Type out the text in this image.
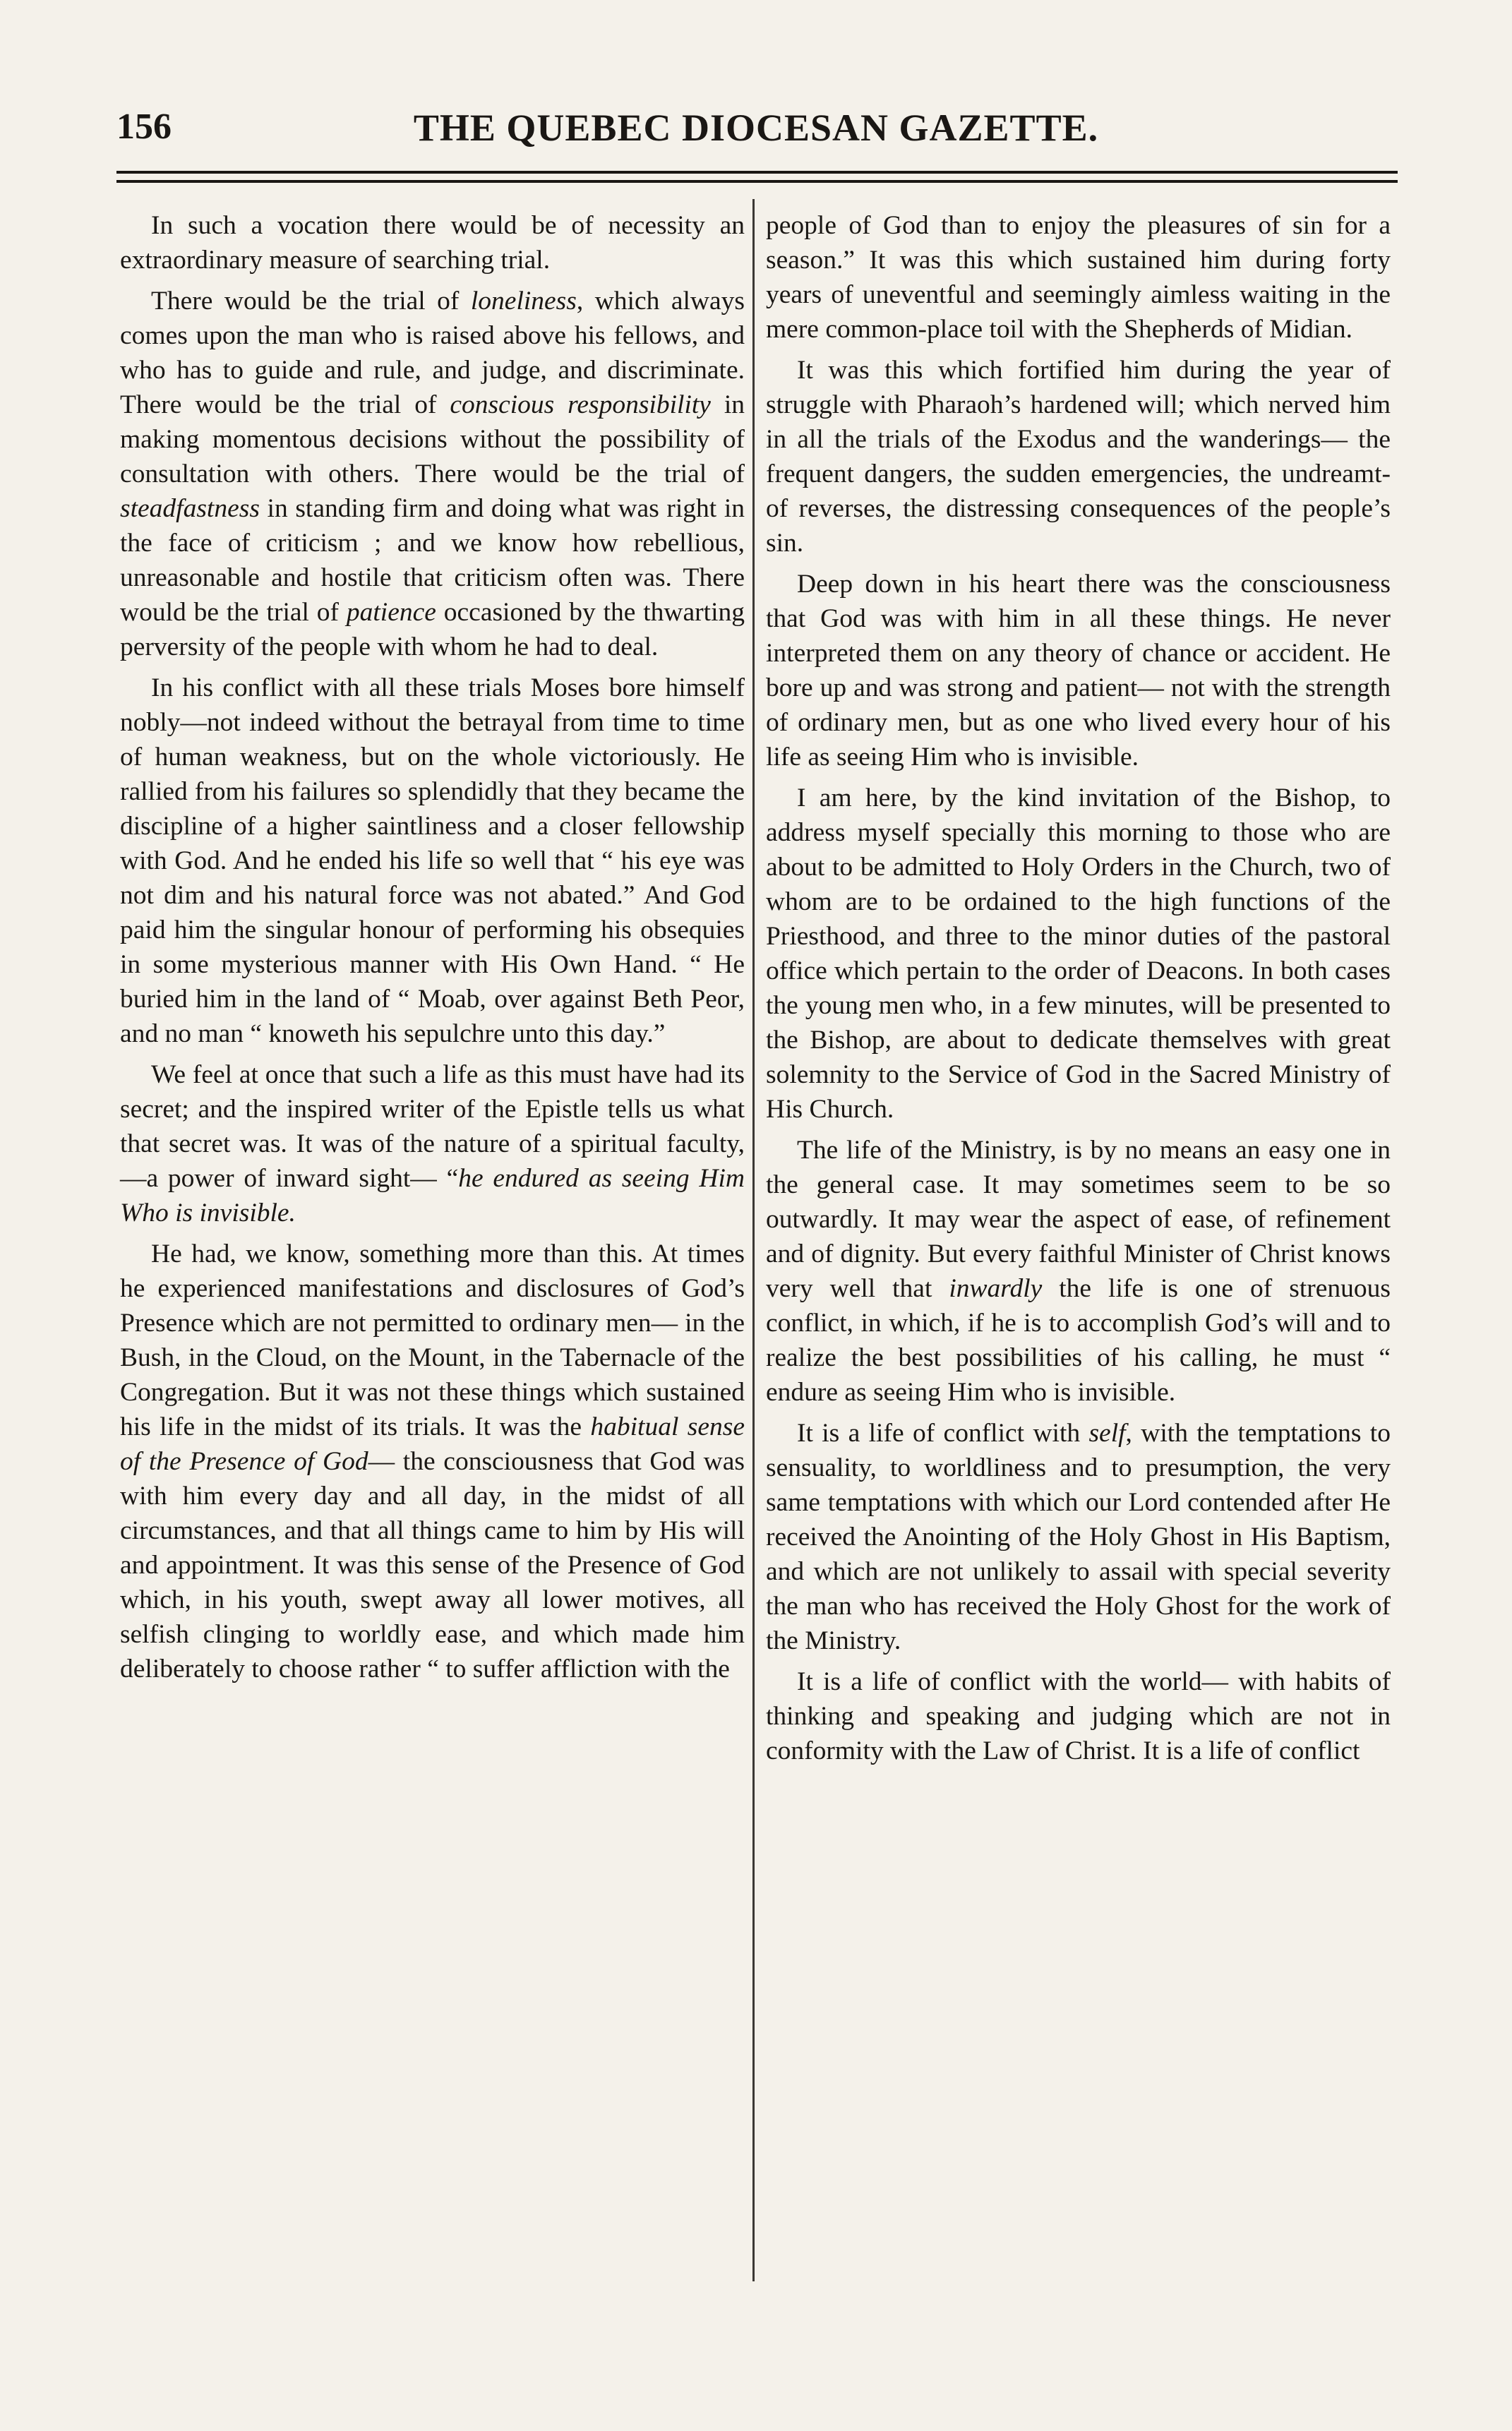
156	THE QUEBEC DIOCESAN GAZETTE.

In such a vocation there would be of necessity an extraordinary measure of searching trial.

There would be the trial of loneliness, which always comes upon the man who is raised above his fellows, and who has to guide and rule, and judge, and discriminate. There would be the trial of conscious responsibility in making momentous decisions without the possibility of consultation with others. There would be the trial of steadfastness in standing firm and doing what was right in the face of criticism ; and we know how rebellious, unreasonable and hostile that criticism often was. There would be the trial of patience occasioned by the thwarting perversity of the people with whom he had to deal.

In his conflict with all these trials Moses bore himself nobly—not indeed without the betrayal from time to time of human weakness, but on the whole victoriously. He rallied from his failures so splendidly that they became the discipline of a higher saintliness and a closer fellowship with God. And he ended his life so well that “ his eye was not dim and his natural force was not abated.” And God paid him the singular honour of performing his obsequies in some mysterious manner with His Own Hand. “ He buried him in the land of “ Moab, over against Beth Peor, and no man “ knoweth his sepulchre unto this day.”

We feel at once that such a life as this must have had its secret; and the inspired writer of the Epistle tells us what that secret was. It was of the nature of a spiritual faculty,—a power of inward sight— “he endured as seeing Him Who is invisible.

He had, we know, something more than this. At times he experienced manifestations and disclosures of God’s Presence which are not permitted to ordinary men— in the Bush, in the Cloud, on the Mount, in the Tabernacle of the Congregation. But it was not these things which sustained his life in the midst of its trials. It was the habitual sense of the Presence of God— the consciousness that God was with him every day and all day, in the midst of all circumstances, and that all things came to him by His will and appointment. It was this sense of the Presence of God which, in his youth, swept away all lower motives, all selfish clinging to worldly ease, and which made him deliberately to choose rather “ to suffer affliction with the

people of God than to enjoy the pleasures of sin for a season.” It was this which sustained him during forty years of uneventful and seemingly aimless waiting in the mere common-place toil with the Shepherds of Midian.

It was this which fortified him during the year of struggle with Pharaoh’s hardened will; which nerved him in all the trials of the Exodus and the wanderings— the frequent dangers, the sudden emergencies, the undreamt-of reverses, the distressing consequences of the people’s sin.

Deep down in his heart there was the consciousness that God was with him in all these things. He never interpreted them on any theory of chance or accident. He bore up and was strong and patient— not with the strength of ordinary men, but as one who lived every hour of his life as seeing Him who is invisible.

I am here, by the kind invitation of the Bishop, to address myself specially this morning to those who are about to be admitted to Holy Orders in the Church, two of whom are to be ordained to the high functions of the Priesthood, and three to the minor duties of the pastoral office which pertain to the order of Deacons. In both cases the young men who, in a few minutes, will be presented to the Bishop, are about to dedicate themselves with great solemnity to the Service of God in the Sacred Ministry of His Church.

The life of the Ministry, is by no means an easy one in the general case. It may sometimes seem to be so outwardly. It may wear the aspect of ease, of refinement and of dignity. But every faithful Minister of Christ knows very well that inwardly the life is one of strenuous conflict, in which, if he is to accomplish God’s will and to realize the best possibilities of his calling, he must “ endure as seeing Him who is invisible.

It is a life of conflict with self, with the temptations to sensuality, to worldliness and to presumption, the very same temptations with which our Lord contended after He received the Anointing of the Holy Ghost in His Baptism, and which are not unlikely to assail with special severity the man who has received the Holy Ghost for the work of the Ministry.

It is a life of conflict with the world— with habits of thinking and speaking and judging which are not in conformity with the Law of Christ. It is a life of conflict
